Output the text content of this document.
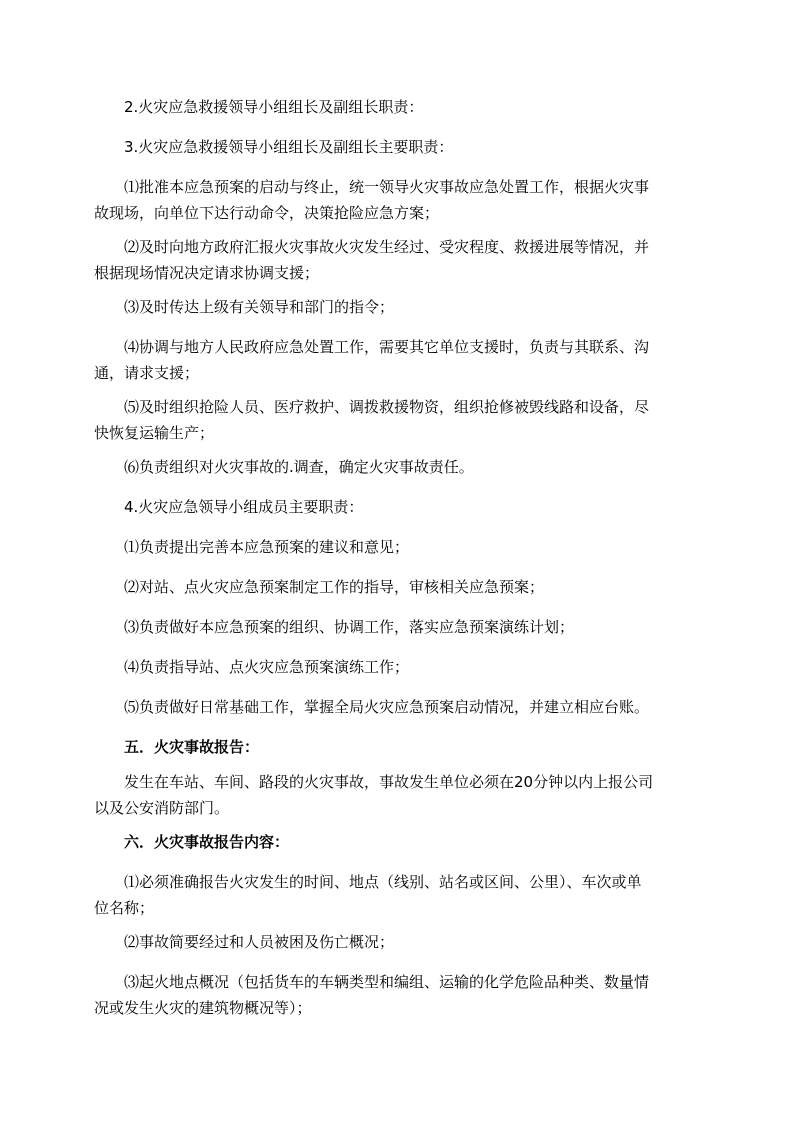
2.火灾应急救援领导小组组长及副组长职责：

3.火灾应急救援领导小组组长及副组长主要职责：

⑴批准本应急预案的启动与终止，统一领导火灾事故应急处置工作，根据火灾事
故现场，向单位下达行动命令，决策抢险应急方案；

⑵及时向地方政府汇报火灾事故火灾发生经过、受灾程度、救援进展等情况，并
根据现场情况决定请求协调支援；

⑶及时传达上级有关领导和部门的指令；

⑷协调与地方人民政府应急处置工作，需要其它单位支援时，负责与其联系、沟
通，请求支援；

⑸及时组织抢险人员、医疗救护、调拨救援物资，组织抢修被毁线路和设备，尽
快恢复运输生产；

⑹负责组织对火灾事故的.调查，确定火灾事故责任。

4.火灾应急领导小组成员主要职责：

⑴负责提出完善本应急预案的建议和意见；

⑵对站、点火灾应急预案制定工作的指导，审核相关应急预案；

⑶负责做好本应急预案的组织、协调工作，落实应急预案演练计划；

⑷负责指导站、点火灾应急预案演练工作；

⑸负责做好日常基础工作，掌握全局火灾应急预案启动情况，并建立相应台账。

五．火灾事故报告：

发生在车站、车间、路段的火灾事故，事故发生单位必须在20分钟以内上报公司
以及公安消防部门。

六．火灾事故报告内容：

⑴必须准确报告火灾发生的时间、地点（线别、站名或区间、公里）、车次或单
位名称；

⑵事故简要经过和人员被困及伤亡概况；

⑶起火地点概况（包括货车的车辆类型和编组、运输的化学危险品种类、数量情
况或发生火灾的建筑物概况等）；
